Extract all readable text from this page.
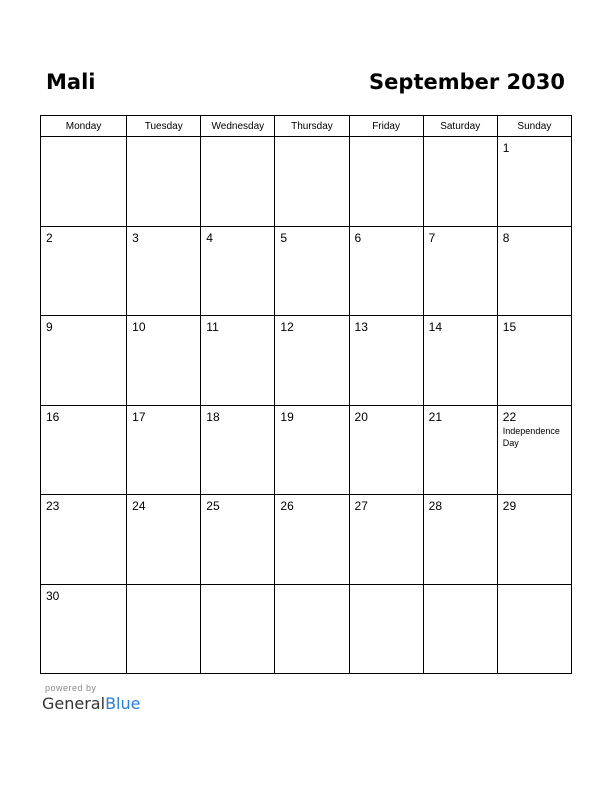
Mali	September 2030
Monday	Tuesday	Wednesday	Thursday	Friday	Saturday	Sunday

						1

2	3	4	5	6	7	8

9	10	11	12	13	14	15

16	17	18	19	20	21	22
Independence Day

23	24	25	26	27	28	29

30						

powered by
GeneralBlue
